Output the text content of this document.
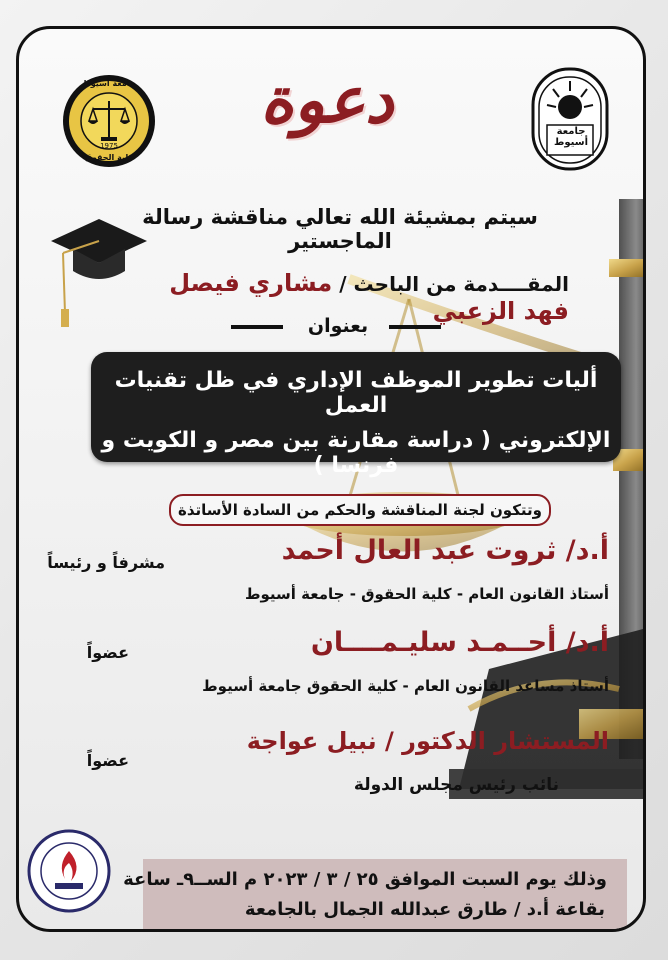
جامعة أسيوط
1975
كلية الحقوق
جامعة أسيوط
دعوة
سيتم بمشيئة الله تعالي مناقشة رسالة الماجستير
المقــــدمة من الباحث / مشاري فيصل فهد الزعبي
بعنوان
أليات تطوير الموظف الإداري في ظل تقنيات العمل
الإلكتروني ( دراسة مقارنة بين مصر و الكويت و فرنسا )
وتتكون لجنة المناقشة والحكم من السادة الأساتذة
أ.د/ ثروت عبد العال أحمد
مشرفاً و رئيساً
أستاذ القانون العام - كلية الحقوق - جامعة أسيوط
أ.د/ أحــمـد سليـمــــان
عضواً
أستاذ مساعد القانون العام - كلية الحقوق جامعة أسيوط
المستشار الدكتور / نبيل عواجة
عضواً
نائب رئيس مجلس الدولة
وذلك يوم السبت الموافق ٢٥ / ٣ / ٢٠٢٣ م الســ٩ـ ساعة
بقاعة أ.د / طارق عبدالله الجمال بالجامعة
